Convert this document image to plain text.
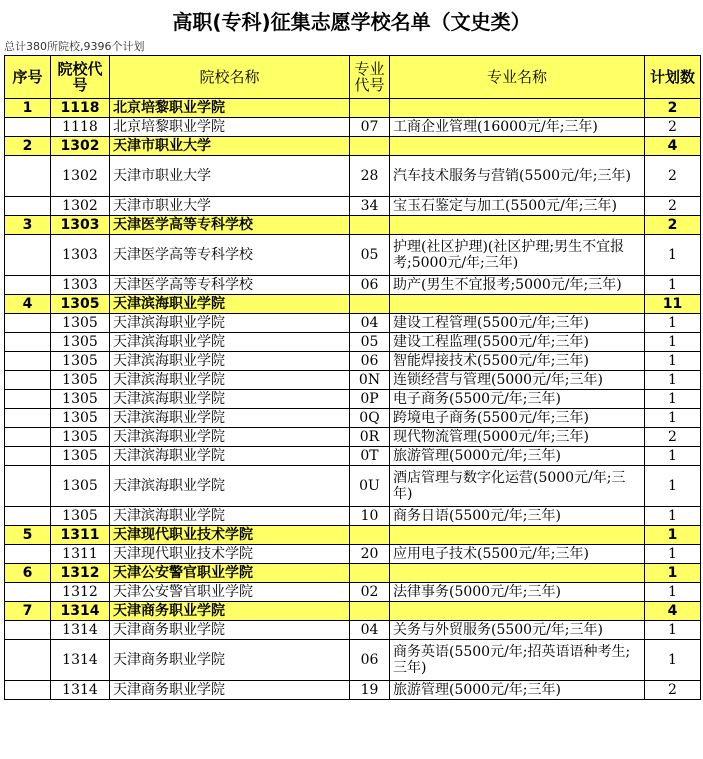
高职(专科)征集志愿学校名单（文史类）
总计380所院校,9396个计划
序号	院校代号	院校名称	专业代号	专业名称	计划数
1	1118	北京培黎职业学院			2
	1118	北京培黎职业学院	07	工商企业管理(16000元/年;三年)	2
2	1302	天津市职业大学			4
	1302	天津市职业大学	28	汽车技术服务与营销(5500元/年;三年)	2
	1302	天津市职业大学	34	宝玉石鉴定与加工(5500元/年;三年)	2
3	1303	天津医学高等专科学校			2
	1303	天津医学高等专科学校	05	护理(社区护理)(社区护理;男生不宜报考;5000元/年;三年)	1
	1303	天津医学高等专科学校	06	助产(男生不宜报考;5000元/年;三年)	1
4	1305	天津滨海职业学院			11
	1305	天津滨海职业学院	04	建设工程管理(5500元/年;三年)	1
	1305	天津滨海职业学院	05	建设工程监理(5500元/年;三年)	1
	1305	天津滨海职业学院	06	智能焊接技术(5500元/年;三年)	1
	1305	天津滨海职业学院	0N	连锁经营与管理(5000元/年;三年)	1
	1305	天津滨海职业学院	0P	电子商务(5500元/年;三年)	1
	1305	天津滨海职业学院	0Q	跨境电子商务(5500元/年;三年)	1
	1305	天津滨海职业学院	0R	现代物流管理(5000元/年;三年)	2
	1305	天津滨海职业学院	0T	旅游管理(5000元/年;三年)	1
	1305	天津滨海职业学院	0U	酒店管理与数字化运营(5000元/年;三年)	1
	1305	天津滨海职业学院	10	商务日语(5500元/年;三年)	1
5	1311	天津现代职业技术学院			1
	1311	天津现代职业技术学院	20	应用电子技术(5500元/年;三年)	1
6	1312	天津公安警官职业学院			1
	1312	天津公安警官职业学院	02	法律事务(5000元/年;三年)	1
7	1314	天津商务职业学院			4
	1314	天津商务职业学院	04	关务与外贸服务(5500元/年;三年)	1
	1314	天津商务职业学院	06	商务英语(5500元/年;招英语语种考生;三年)	1
	1314	天津商务职业学院	19	旅游管理(5000元/年;三年)	2
